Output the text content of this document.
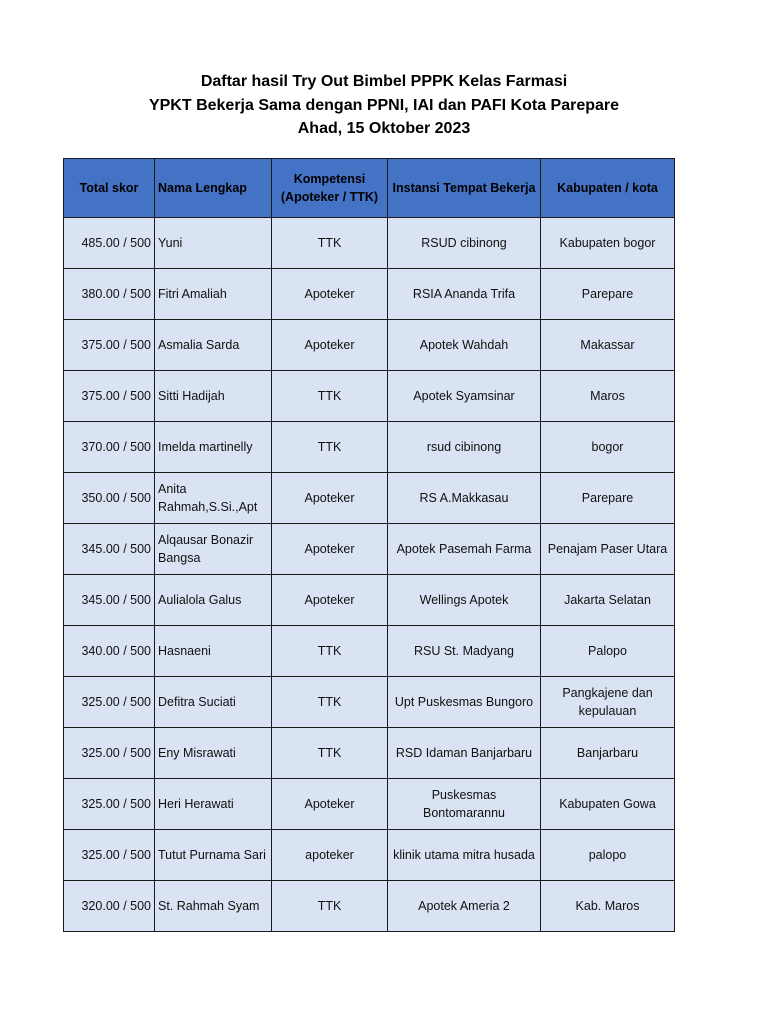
Daftar hasil Try Out Bimbel PPPK Kelas Farmasi
YPKT Bekerja Sama dengan PPNI, IAI dan PAFI Kota Parepare
Ahad, 15 Oktober 2023
Total skor	Nama Lengkap	Kompetensi (Apoteker / TTK)	Instansi Tempat Bekerja	Kabupaten / kota
485.00 / 500	Yuni	TTK	RSUD cibinong	Kabupaten bogor
380.00 / 500	Fitri Amaliah	Apoteker	RSIA Ananda Trifa	Parepare
375.00 / 500	Asmalia Sarda	Apoteker	Apotek Wahdah	Makassar
375.00 / 500	Sitti Hadijah	TTK	Apotek Syamsinar	Maros
370.00 / 500	Imelda martinelly	TTK	rsud cibinong	bogor
350.00 / 500	Anita Rahmah,S.Si.,Apt	Apoteker	RS A.Makkasau	Parepare
345.00 / 500	Alqausar Bonazir Bangsa	Apoteker	Apotek Pasemah Farma	Penajam Paser Utara
345.00 / 500	Aulialola Galus	Apoteker	Wellings Apotek	Jakarta Selatan
340.00 / 500	Hasnaeni	TTK	RSU St. Madyang	Palopo
325.00 / 500	Defitra Suciati	TTK	Upt Puskesmas Bungoro	Pangkajene dan kepulauan
325.00 / 500	Eny Misrawati	TTK	RSD Idaman Banjarbaru	Banjarbaru
325.00 / 500	Heri Herawati	Apoteker	Puskesmas Bontomarannu	Kabupaten Gowa
325.00 / 500	Tutut Purnama Sari	apoteker	klinik utama mitra husada	palopo
320.00 / 500	St. Rahmah Syam	TTK	Apotek Ameria 2	Kab. Maros
